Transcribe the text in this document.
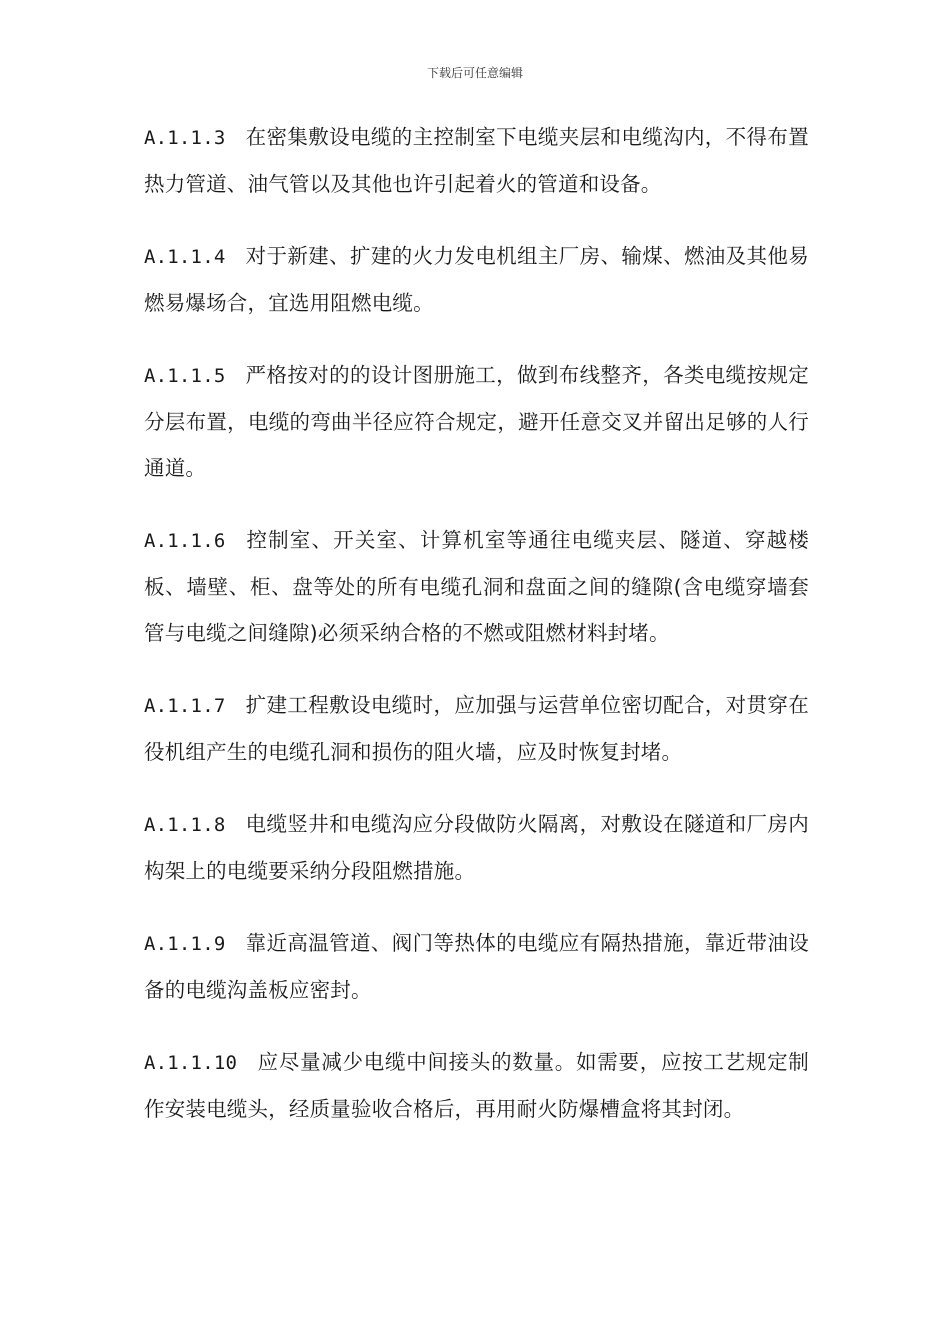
下载后可任意编辑

A.1.1.3 在密集敷设电缆的主控制室下电缆夹层和电缆沟内，不得布置热力管道、油气管以及其他也许引起着火的管道和设备。

A.1.1.4 对于新建、扩建的火力发电机组主厂房、输煤、燃油及其他易燃易爆场合，宜选用阻燃电缆。

A.1.1.5 严格按对的的设计图册施工，做到布线整齐，各类电缆按规定分层布置，电缆的弯曲半径应符合规定，避开任意交叉并留出足够的人行通道。

A.1.1.6 控制室、开关室、计算机室等通往电缆夹层、隧道、穿越楼板、墙壁、柜、盘等处的所有电缆孔洞和盘面之间的缝隙(含电缆穿墙套管与电缆之间缝隙)必须采纳合格的不燃或阻燃材料封堵。

A.1.1.7 扩建工程敷设电缆时，应加强与运营单位密切配合，对贯穿在役机组产生的电缆孔洞和损伤的阻火墙，应及时恢复封堵。

A.1.1.8 电缆竖井和电缆沟应分段做防火隔离，对敷设在隧道和厂房内构架上的电缆要采纳分段阻燃措施。

A.1.1.9 靠近高温管道、阀门等热体的电缆应有隔热措施，靠近带油设备的电缆沟盖板应密封。

A.1.1.10 应尽量减少电缆中间接头的数量。如需要，应按工艺规定制作安装电缆头，经质量验收合格后，再用耐火防爆槽盒将其封闭。
